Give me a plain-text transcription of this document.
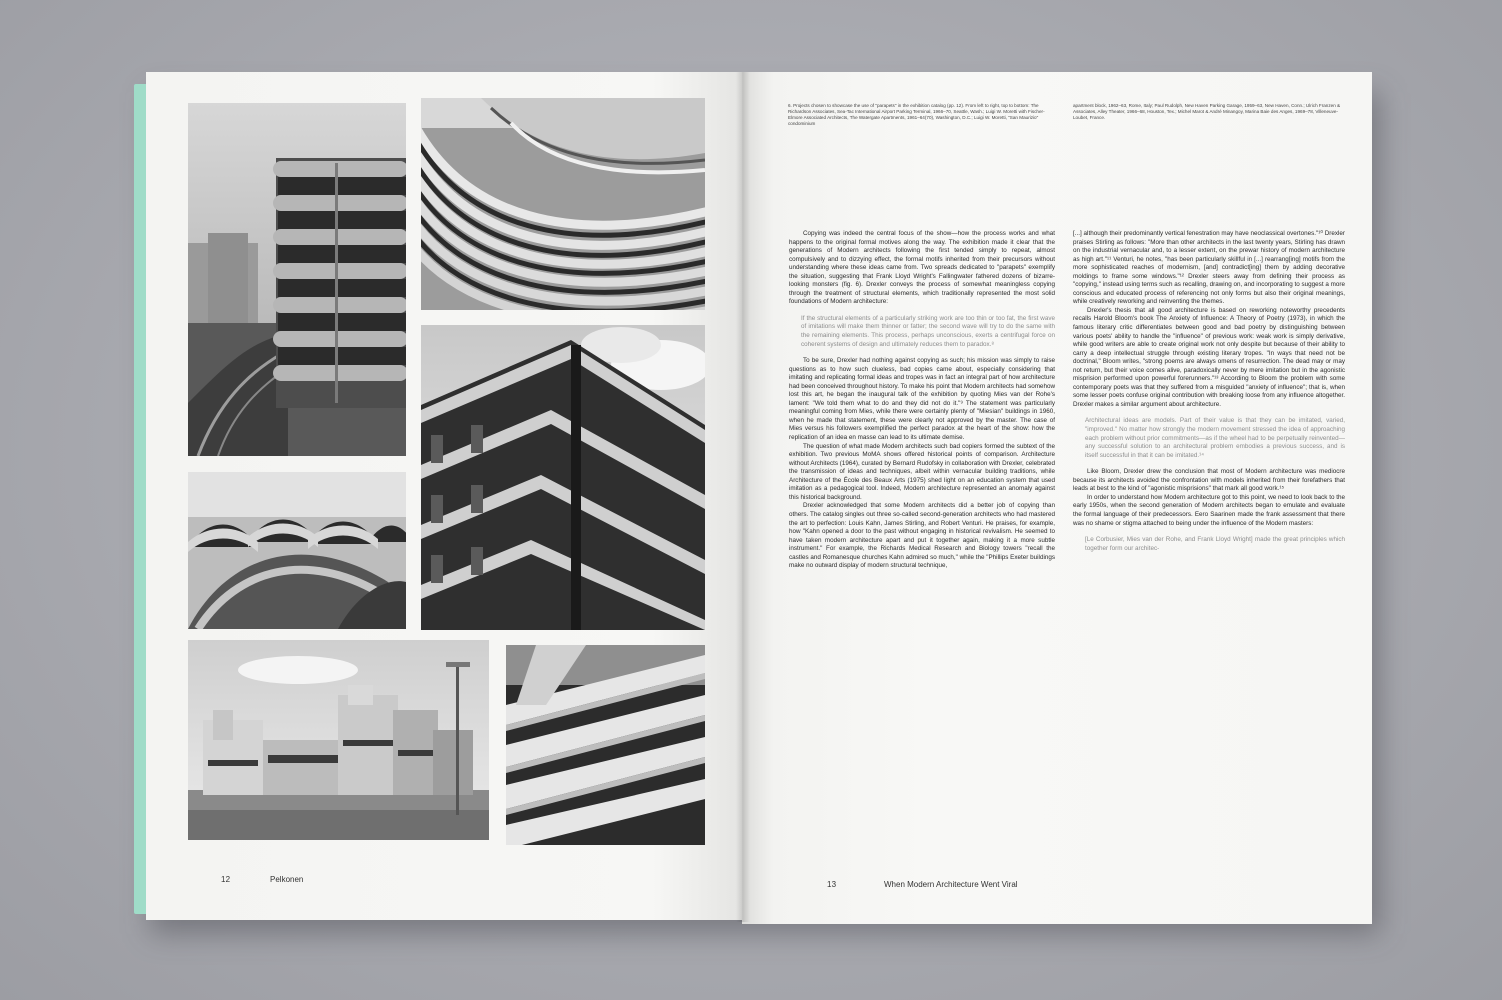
12	Pelkonen
6. Projects chosen to showcase the use of "parapets" in the exhibition catalog (pp. 12). From left to right, top to bottom: The Richardson Associates, Sea-Tac International Airport Parking Terminal, 1966–70, Seattle, Wash.; Luigi W. Moretti with Fischer-Elmore Associated Architects, The Watergate Apartments, 1961–64(70), Washington, D.C.; Luigi W. Moretti, "San Maurizio" condominium
apartment block, 1962–63, Rome, Italy; Paul Rudolph, New Haven Parking Garage, 1959–63, New Haven, Conn.; Ulrich Franzen & Associates, Alley Theater, 1966–68, Houston, Tex.; Michel Marot & André Minangoy, Marina Baie des Anges, 1969–78, Villeneuve-Loubet, France.

Copying was indeed the central focus of the show—how the process works and what happens to the original formal motives along the way. The exhibition made it clear that the generations of Modern architects following the first tended simply to repeat, almost compulsively and to dizzying effect, the formal motifs inherited from their precursors without understanding where these ideas came from. Two spreads dedicated to "parapets" exemplify the situation, suggesting that Frank Lloyd Wright's Fallingwater fathered dozens of bizarre-looking monsters (fig. 6). Drexler conveys the process of somewhat meaningless copying through the treatment of structural elements, which traditionally represented the most solid foundations of Modern architecture:

If the structural elements of a particularly striking work are too thin or too fat, the first wave of imitations will make them thinner or fatter; the second wave will try to do the same with the remaining elements. This process, perhaps unconscious, exerts a centrifugal force on coherent systems of design and ultimately reduces them to paradox.⁸

To be sure, Drexler had nothing against copying as such; his mission was simply to raise questions as to how such clueless, bad copies came about, especially considering that imitating and replicating formal ideas and tropes was in fact an integral part of how architecture had been conceived throughout history. To make his point that Modern architects had somehow lost this art, he began the inaugural talk of the exhibition by quoting Mies van der Rohe's lament: "We told them what to do and they did not do it."⁹ The statement was particularly meaningful coming from Mies, while there were certainly plenty of "Miesian" buildings in 1960, when he made that statement, these were clearly not approved by the master. The case of Mies versus his followers exemplified the perfect paradox at the heart of the show: how the replication of an idea en masse can lead to its ultimate demise.

The question of what made Modern architects such bad copiers formed the subtext of the exhibition. Two previous MoMA shows offered historical points of comparison. Architecture without Architects (1964), curated by Bernard Rudofsky in collaboration with Drexler, celebrated the transmission of ideas and techniques, albeit within vernacular building traditions, while Architecture of the École des Beaux Arts (1975) shed light on an education system that used imitation as a pedagogical tool. Indeed, Modern architecture represented an anomaly against this historical background.

Drexler acknowledged that some Modern architects did a better job of copying than others. The catalog singles out three so-called second-generation architects who had mastered the art to perfection: Louis Kahn, James Stirling, and Robert Venturi. He praises, for example, how "Kahn opened a door to the past without engaging in historical revivalism. He seemed to have taken modern architecture apart and put it together again, making it a more subtle instrument." For example, the Richards Medical Research and Biology towers "recall the castles and Romanesque churches Kahn admired so much," while the "Phillips Exeter buildings make no outward display of modern structural technique,

[...] although their predominantly vertical fenestration may have neoclassical overtones."¹⁰ Drexler praises Stirling as follows: "More than other architects in the last twenty years, Stirling has drawn on the industrial vernacular and, to a lesser extent, on the prewar history of modern architecture as high art."¹¹ Venturi, he notes, "has been particularly skillful in [...] rearrang[ing] motifs from the more sophisticated reaches of modernism, [and] contradict[ing] them by adding decorative moldings to frame some windows."¹² Drexler steers away from defining their process as "copying," instead using terms such as recalling, drawing on, and incorporating to suggest a more conscious and educated process of referencing not only forms but also their original meanings, while creatively reworking and reinventing the themes.

Drexler's thesis that all good architecture is based on reworking noteworthy precedents recalls Harold Bloom's book The Anxiety of Influence: A Theory of Poetry (1973), in which the famous literary critic differentiates between good and bad poetry by distinguishing between various poets' ability to handle the "influence" of previous work: weak work is simply derivative, while good writers are able to create original work not only despite but because of their ability to carry a deep intellectual struggle through existing literary tropes. "In ways that need not be doctrinal," Bloom writes, "strong poems are always omens of resurrection. The dead may or may not return, but their voice comes alive, paradoxically never by mere imitation but in the agonistic misprision performed upon powerful forerunners."¹³ According to Bloom the problem with some contemporary poets was that they suffered from a misguided "anxiety of influence"; that is, when some lesser poets confuse original contribution with breaking loose from any influence altogether. Drexler makes a similar argument about architecture.

Architectural ideas are models. Part of their value is that they can be imitated, varied, "improved." No matter how strongly the modern movement stressed the idea of approaching each problem without prior commitments—as if the wheel had to be perpetually reinvented—any successful solution to an architectural problem embodies a previous success, and is itself successful in that it can be imitated.¹⁴

Like Bloom, Drexler drew the conclusion that most of Modern architecture was mediocre because its architects avoided the confrontation with models inherited from their forefathers that leads at best to the kind of "agonistic misprisions" that mark all good work.¹⁵

In order to understand how Modern architecture got to this point, we need to look back to the early 1950s, when the second generation of Modern architects began to emulate and evaluate the formal language of their predecessors. Eero Saarinen made the frank assessment that there was no shame or stigma attached to being under the influence of the Modern masters:

[Le Corbusier, Mies van der Rohe, and Frank Lloyd Wright] made the great principles which together form our architec-

13	When Modern Architecture Went Viral
